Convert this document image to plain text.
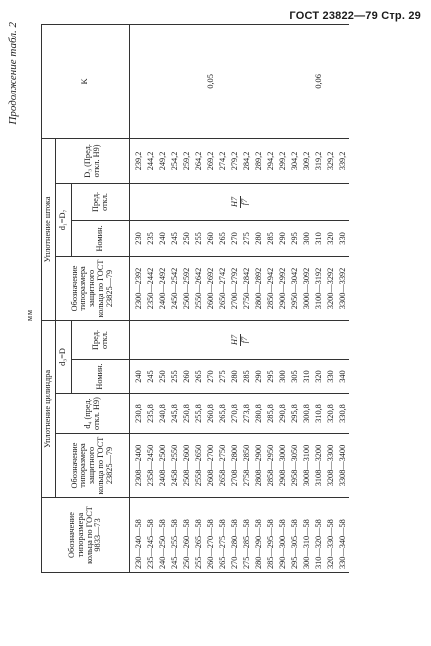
ГОСТ 23822—79 Стр. 29
Продолжение табл. 2
мм
Обозначение типоразмера кольца по ГОСТ 9833—73	Уплотнение цилиндра				Уплотнение штока				K
	Обозначение типоразмера защитного кольца по ГОСТ 23825—79	d₄ (пред. откл. H9)	d₃=D		Обозначение типоразмера защитного кольца по ГОСТ 23825—79	d₁=D₇		D₃ (Пред. откл. H9)	
			Номин.	Пред. откл.		Номин.	Пред. откл.		
230—240—58	2308—2400	230,8	240	H7 f7	2300—2392	230	H7 f7	239,2	0,05
235—245—58	2358—2450	235,8	245		2350—2442	235		244,2	
240—250—58	2408—2500	240,8	250		2400—2492	240		249,2	
245—255—58	2458—2550	245,8	255		2450—2542	245		254,2	
250—260—58	2508—2600	250,8	260		2500—2592	250		259,2	
255—265—58	2558—2650	255,8	265		2550—2642	255		264,2	
260—270—58	2608—2700	260,8	270		2600—2692	260		269,2	
265—275—58	2658—2750	265,8	275		2650—2742	265		274,2	
270—280—58	2708—2800	270,8	280		2700—2792	270		279,2	
275—285—58	2758—2850	273,8	285		2750—2842	275		284,2	
280—290—58	2808—2900	280,8	290		2800—2892	280		289,2	
285—295—58	2858—2950	285,8	295		2850—2942	285		294,2	
290—300—58	2908—3000	290,8	300		2900—2992	290		299,2	
295—305—58	2958—3050	295,8	305		2950—3042	295		304,2	0,06
300—310—58	3008—3100	300,8	310		3000—3092	300		309,2	
310—320—58	3108—3200	310,8	320		3100—3192	310		319,2	
320—330—58	3208—3300	320,8	330		3200—3292	320		329,2	
330—340—58	3308—3400	330,8	340		3300—3392	330		339,2	
